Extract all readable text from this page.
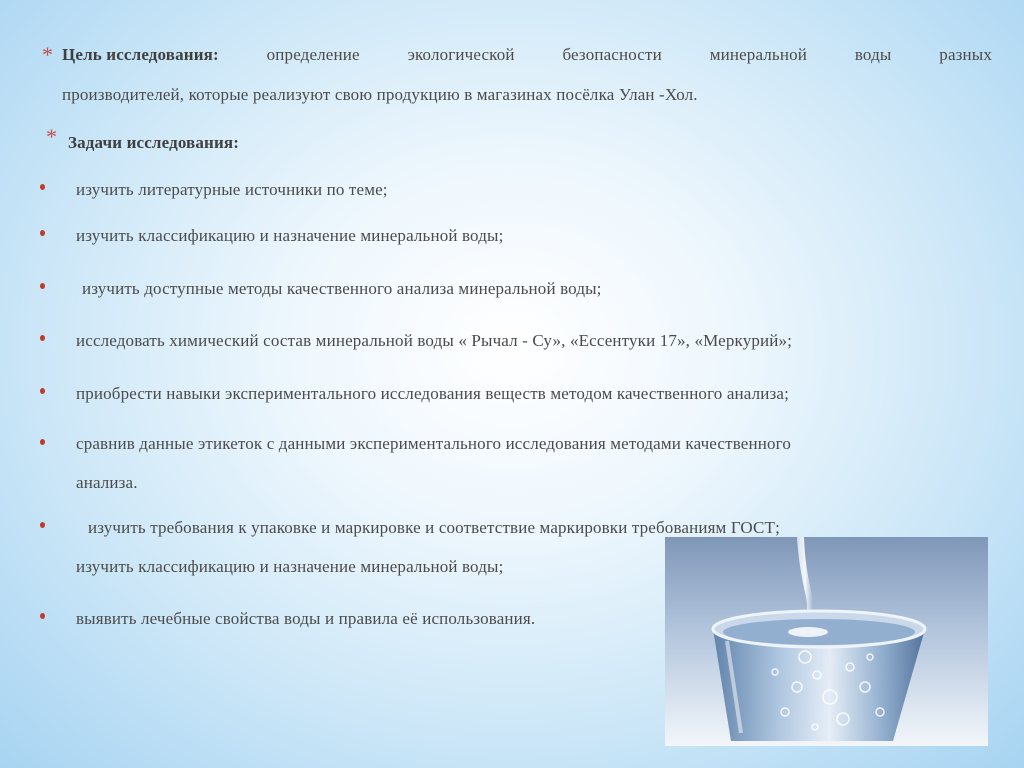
* Цель исследования:	определение	экологической	безопасности	минеральной	воды	разных
производителей, которые реализуют свою продукцию в магазинах посёлка Улан -Хол.
* Задачи исследования:
изучить литературные источники по теме;
изучить классификацию и назначение минеральной воды;
изучить доступные методы качественного анализа минеральной воды;
исследовать химический состав минеральной воды « Рычал - Су», «Ессентуки 17», «Меркурий»;
приобрести навыки экспериментального исследования веществ методом качественного анализа;
сравнив данные этикеток с данными экспериментального исследования методами качественного
анализа.
изучить требования к упаковке и маркировке и соответствие маркировки требованиям ГОСТ;
изучить классификацию и назначение минеральной воды;
выявить лечебные свойства воды и правила её использования.
